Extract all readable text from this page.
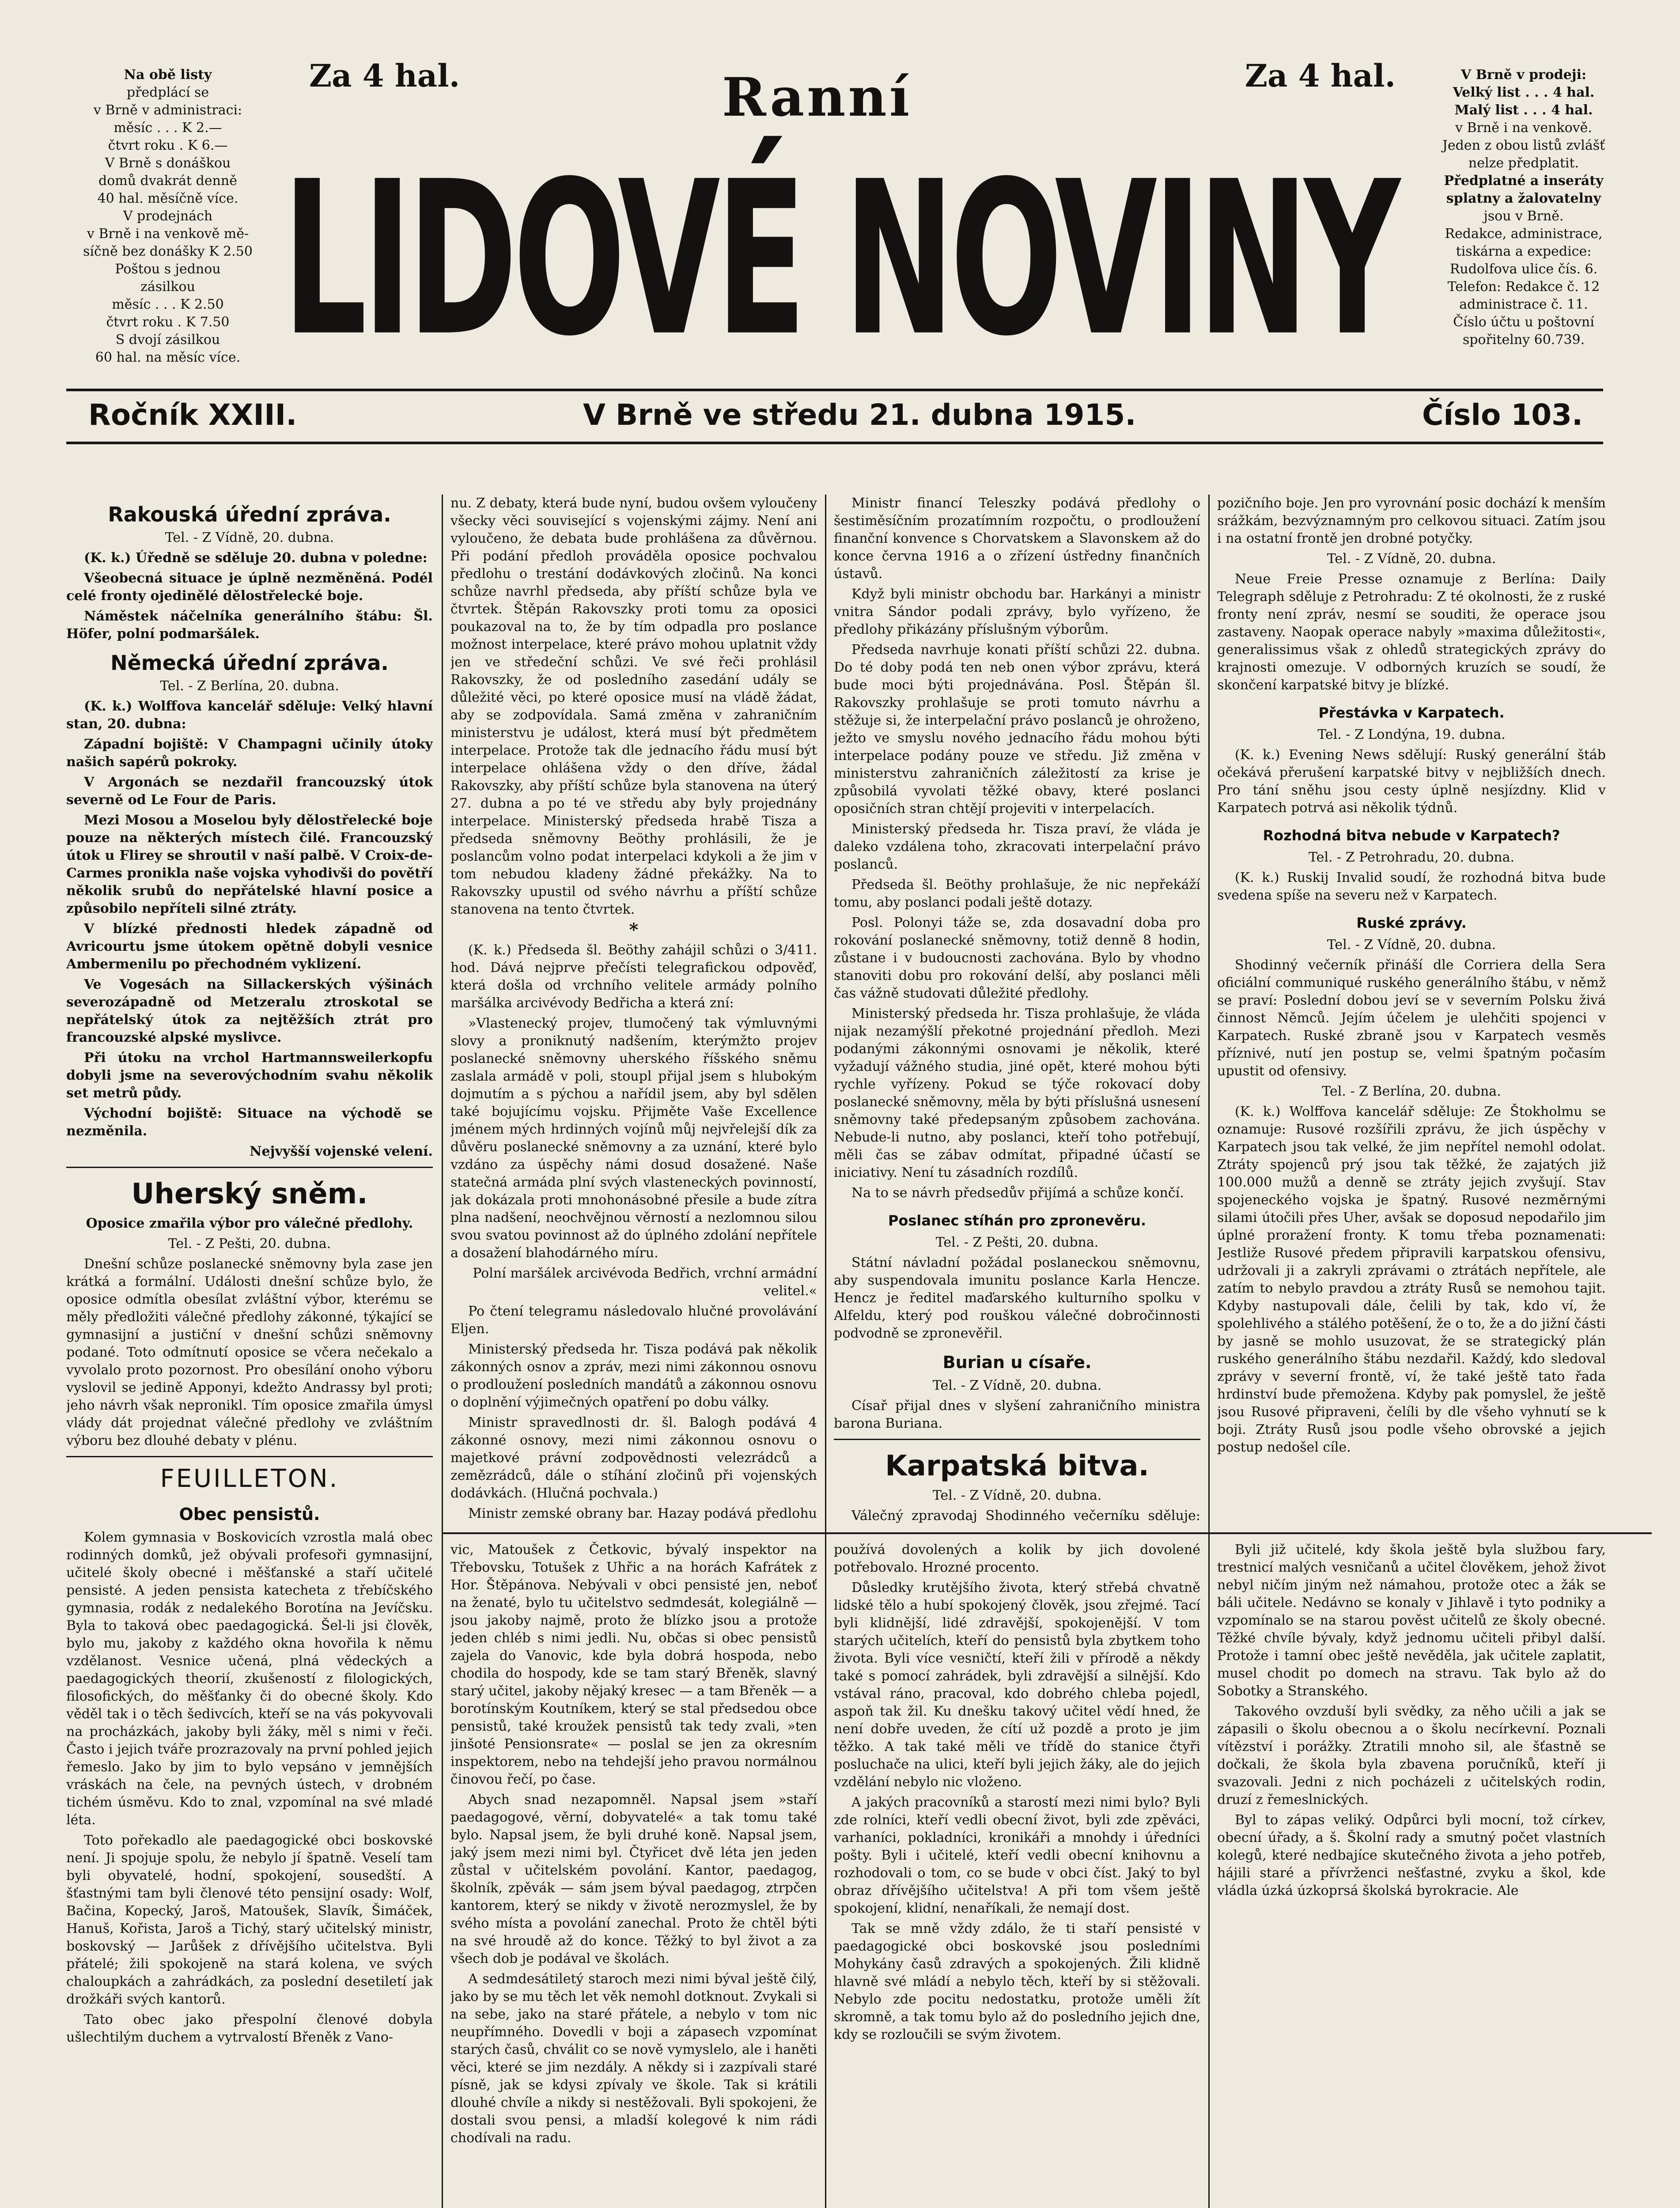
Na obě listy

předplácí se

v Brně v administraci:

měsíc . . . K 2.—

čtvrt roku . K 6.—

V Brně s donáškou

domů dvakrát denně

40 hal. měsíčně více.

V prodejnách

v Brně i na venkově mě-

síčně bez donášky K 2.50

Poštou s jednou

zásilkou

měsíc . . . K 2.50

čtvrt roku . K 7.50

S dvojí zásilkou

60 hal. na měsíc více.

Za 4 hal.	Ranní	Za 4 hal.
LIDOVÉ NOVINY

V Brně v prodeji:

Velký list . . . 4 hal.

Malý list . . . 4 hal.

v Brně i na venkově.

Jeden z obou listů zvlášť

nelze předplatit.

Předplatné a inseráty

splatny a žalovatelny

jsou v Brně.

Redakce, administrace,

tiskárna a expedice:

Rudolfova ulice čís. 6.

Telefon: Redakce č. 12

administrace č. 11.

Číslo účtu u poštovní

spořitelny 60.739.

Ročník XXIII.	V Brně ve středu 21. dubna 1915.	Číslo 103.
Rakouská úřední zpráva.

Tel. - Z Vídně, 20. dubna.

(K. k.) Úředně se sděluje 20. dubna v poledne:

Všeobecná situace je úplně nezměněná. Podél celé fronty ojedinělé dělostřelecké boje.

Náměstek náčelníka generálního štábu: Šl. Höfer, polní podmaršálek.

Německá úřední zpráva.

Tel. - Z Berlína, 20. dubna.

(K. k.) Wolffova kancelář sděluje: Velký hlavní stan, 20. dubna:

Západní bojiště: V Champagni učinily útoky našich sapérů pokroky.

V Argonách se nezdařil francouzský útok severně od Le Four de Paris.

Mezi Mosou a Moselou byly dělostřelecké boje pouze na některých místech čilé. Francouzský útok u Flirey se shroutil v naší palbě. V Croix-de-Carmes pronikla naše vojska vyhodivši do povětří několik srubů do nepřátelské hlavní posice a způsobilo nepříteli silné ztráty.

V blízké přednosti hledek západně od Avricourtu jsme útokem opětně dobyli vesnice Ambermenilu po přechodném vyklizení.

Ve Vogesách na Sillackerských výšinách severozápadně od Metzeralu ztroskotal se nepřátelský útok za nejtěžších ztrát pro francouzské alpské myslivce.

Při útoku na vrchol Hartmannsweilerkopfu dobyli jsme na severovýchodním svahu několik set metrů půdy.

Východní bojiště: Situace na východě se nezměnila.

Nejvyšší vojenské velení.

Uherský sněm.

Oposice zmařila výbor pro válečné předlohy.

Tel. - Z Pešti, 20. dubna.

Dnešní schůze poslanecké sněmovny byla zase jen krátká a formální. Události dnešní schůze bylo, že oposice odmítla obesílat zvláštní výbor, kterému se měly předložiti válečné předlohy zákonné, týkající se gymnasijní a justiční v dnešní schůzi sněmovny podané. Toto odmítnutí oposice se včera nečekalo a vyvolalo proto pozornost. Pro obesílání onoho výboru vyslovil se jedině Apponyi, kdežto Andrassy byl proti; jeho návrh však nepronikl. Tím oposice zmařila úmysl vlády dát projednat válečné předlohy ve zvláštním výboru bez dlouhé debaty v plénu.

FEUILLETON.
Obec pensistů.

Kolem gymnasia v Boskovicích vzrostla malá obec rodinných domků, jež obývali profesoři gymnasijní, učitelé školy obecné i měšťanské a staří učitelé pensisté. A jeden pensista katecheta z třebíčského gymnasia, rodák z nedalekého Borotína na Jevíčsku. Byla to taková obec paedagogická. Šel-li jsi člověk, bylo mu, jakoby z každého okna hovořila k němu vzdělanost. Vesnice učená, plná vědeckých a paedagogických theorií, zkušeností z filologických, filosofických, do měšťanky či do obecné školy. Kdo věděl tak i o těch šedivcích, kteří se na vás pokyvovali na procházkách, jakoby byli žáky, měl s nimi v řeči. Často i jejich tváře prozrazovaly na první pohled jejich řemeslo. Jako by jim to bylo vepsáno v jemnějších vráskách na čele, na pevných ústech, v drobném tichém úsměvu. Kdo to znal, vzpomínal na své mladé léta.

Toto pořekadlo ale paedagogické obci boskovské není. Ji spojuje spolu, že nebylo jí špatně. Veselí tam byli obyvatelé, hodní, spokojení, sousedští. A šťastnými tam byli členové této pensijní osady: Wolf, Bačina, Kopecký, Jaroš, Matoušek, Slavík, Šimáček, Hanuš, Kořista, Jaroš a Tichý, starý učitelský ministr, boskovský — Jarůšek z dřívějšího učitelstva. Byli přátelé; žili spokojeně na stará kolena, ve svých chaloupkách a zahrádkách, za poslední desetiletí jak drožkáři svých kantorů.

Tato obec jako přespolní členové dobyla ušlechtilým duchem a vytrvalostí Břeněk z Vano-

nu. Z debaty, která bude nyní, budou ovšem vyloučeny všecky věci související s vojenskými zájmy. Není ani vyloučeno, že debata bude prohlášena za důvěrnou. Při podání předloh prováděla oposice pochvalou předlohu o trestání dodávkových zločinů. Na konci schůze navrhl předseda, aby příští schůze byla ve čtvrtek. Štěpán Rakovszky proti tomu za oposici poukazoval na to, že by tím odpadla pro poslance možnost interpelace, které právo mohou uplatnit vždy jen ve středeční schůzi. Ve své řeči prohlásil Rakovszky, že od posledního zasedání udály se důležité věci, po které oposice musí na vládě žádat, aby se zodpovídala. Samá změna v zahraničním ministerstvu je událost, která musí být předmětem interpelace. Protože tak dle jednacího řádu musí být interpelace ohlášena vždy o den dříve, žádal Rakovszky, aby příští schůze byla stanovena na úterý 27. dubna a po té ve středu aby byly projednány interpelace. Ministerský předseda hrabě Tisza a předseda sněmovny Beöthy prohlásili, že je poslancům volno podat interpelaci kdykoli a že jim v tom nebudou kladeny žádné překážky. Na to Rakovszky upustil od svého návrhu a příští schůze stanovena na tento čtvrtek.

*

(K. k.) Předseda šl. Beöthy zahájil schůzi o 3/411. hod. Dává nejprve přečísti telegrafickou odpověď, která došla od vrchního velitele armády polního maršálka arcivévody Bedřicha a která zní:

»Vlastenecký projev, tlumočený tak výmluvnými slovy a proniknutý nadšením, kterýmžto projev poslanecké sněmovny uherského říšského sněmu zaslala armádě v poli, stoupl přijal jsem s hlubokým dojmutím a s pýchou a nařídil jsem, aby byl sdělen také bojujícímu vojsku. Přijměte Vaše Excellence jménem mých hrdinných vojínů můj nejvřelejší dík za důvěru poslanecké sněmovny a za uznání, které bylo vzdáno za úspěchy námi dosud dosažené. Naše statečná armáda plní svých vlasteneckých povinností, jak dokázala proti mnohonásobné přesile a bude zítra plna nadšení, neochvějnou věrností a nezlomnou silou svou svatou povinnost až do úplného zdolání nepřítele a dosažení blahodárného míru.

Polní maršálek arcivévoda Bedřich, vrchní armádní velitel.«

Po čtení telegramu následovalo hlučné provolávání Eljen.

Ministerský předseda hr. Tisza podává pak několik zákonných osnov a zpráv, mezi nimi zákonnou osnovu o prodloužení posledních mandátů a zákonnou osnovu o doplnění výjimečných opatření po dobu války.

Ministr spravedlnosti dr. šl. Balogh podává 4 zákonné osnovy, mezi nimi zákonnou osnovu o majetkové právní zodpovědnosti velezrádců a zemězrádců, dále o stíhání zločinů při vojenských dodávkách. (Hlučná pochvala.)

Ministr zemské obrany bar. Hazay podává předlohu

Ministr financí Teleszky podává předlohy o šestiměsíčním prozatímním rozpočtu, o prodloužení finanční konvence s Chorvatskem a Slavonskem až do konce června 1916 a o zřízení ústředny finančních ústavů.

Když byli ministr obchodu bar. Harkányi a ministr vnitra Sándor podali zprávy, bylo vyřízeno, že předlohy přikázány příslušným výborům.

Předseda navrhuje konati příští schůzi 22. dubna. Do té doby podá ten neb onen výbor zprávu, která bude moci býti projednávána. Posl. Štěpán šl. Rakovszky prohlašuje se proti tomuto návrhu a stěžuje si, že interpelační právo poslanců je ohroženo, ježto ve smyslu nového jednacího řádu mohou býti interpelace podány pouze ve středu. Již změna v ministerstvu zahraničních záležitostí za krise je způsobilá vyvolati těžké obavy, které poslanci oposičních stran chtějí projeviti v interpelacích.

Ministerský předseda hr. Tisza praví, že vláda je daleko vzdálena toho, zkracovati interpelační právo poslanců.

Předseda šl. Beöthy prohlašuje, že nic nepřekáží tomu, aby poslanci podali ještě dotazy.

Posl. Polonyi táže se, zda dosavadní doba pro rokování poslanecké sněmovny, totiž denně 8 hodin, zůstane i v budoucnosti zachována. Bylo by vhodno stanoviti dobu pro rokování delší, aby poslanci měli čas vážně studovati důležité předlohy.

Ministerský předseda hr. Tisza prohlašuje, že vláda nijak nezamýšlí překotné projednání předloh. Mezi podanými zákonnými osnovami je několik, které vyžadují vážného studia, jiné opět, které mohou býti rychle vyřízeny. Pokud se týče rokovací doby poslanecké sněmovny, měla by býti příslušná usnesení sněmovny také předepsaným způsobem zachována. Nebude-li nutno, aby poslanci, kteří toho potřebují, měli čas se zábav odmítat, připadné účastí se iniciativy. Není tu zásadních rozdílů.

Na to se návrh předsedův přijímá a schůze končí.

Poslanec stíhán pro zpronevěru.

Tel. - Z Pešti, 20. dubna.

Státní návladní požádal poslaneckou sněmovnu, aby suspendovala imunitu poslance Karla Hencze. Hencz je ředitel maďarského kulturního spolku v Alfeldu, který pod rouškou válečné dobročinnosti podvodně se zpronevěřil.

Burian u císaře.

Tel. - Z Vídně, 20. dubna.

Císař přijal dnes v slyšení zahraničního ministra barona Buriana.

Karpatská bitva.

Tel. - Z Vídně, 20. dubna.

Válečný zpravodaj Shodinného večerníku sděluje:

pozičního boje. Jen pro vyrovnání posic dochází k menším srážkám, bezvýznamným pro celkovou situaci. Zatím jsou i na ostatní frontě jen drobné potyčky.

Tel. - Z Vídně, 20. dubna.

Neue Freie Presse oznamuje z Berlína: Daily Telegraph sděluje z Petrohradu: Z té okolnosti, že z ruské fronty není zpráv, nesmí se souditi, že operace jsou zastaveny. Naopak operace nabyly »maxima důležitosti«, generalissimus však z ohledů strategických zprávy do krajnosti omezuje. V odborných kruzích se soudí, že skončení karpatské bitvy je blízké.

Přestávka v Karpatech.

Tel. - Z Londýna, 19. dubna.

(K. k.) Evening News sdělují: Ruský generální štáb očekává přerušení karpatské bitvy v nejbližších dnech. Pro tání sněhu jsou cesty úplně nesjízdny. Klid v Karpatech potrvá asi několik týdnů.

Rozhodná bitva nebude v Karpatech?

Tel. - Z Petrohradu, 20. dubna.

(K. k.) Ruskij Invalid soudí, že rozhodná bitva bude svedena spíše na severu než v Karpatech.

Ruské zprávy.

Tel. - Z Vídně, 20. dubna.

Shodinný večerník přináší dle Corriera della Sera oficiální communiqué ruského generálního štábu, v němž se praví: Poslední dobou jeví se v severním Polsku živá činnost Němců. Jejím účelem je ulehčiti spojenci v Karpatech. Ruské zbraně jsou v Karpatech vesměs příznivé, nutí jen postup se, velmi špatným počasím upustit od ofensivy.

Tel. - Z Berlína, 20. dubna.

(K. k.) Wolffova kancelář sděluje: Ze Štokholmu se oznamuje: Rusové rozšířili zprávu, že jich úspěchy v Karpatech jsou tak velké, že jim nepřítel nemohl odolat. Ztráty spojenců prý jsou tak těžké, že zajatých již 100.000 mužů a denně se ztráty jejich zvyšují. Stav spojeneckého vojska je špatný. Rusové nezměrnými silami útočili přes Uher, avšak se doposud nepodařilo jim úplné proražení fronty. K tomu třeba poznamenati: Jestliže Rusové předem připravili karpatskou ofensivu, udržovali ji a zakryli zprávami o ztrátách nepřítele, ale zatím to nebylo pravdou a ztráty Rusů se nemohou tajit. Kdyby nastupovali dále, čelili by tak, kdo ví, že spolehlivého a stálého potěšení, že o to, že a do jižní části by jasně se mohlo usuzovat, že se strategický plán ruského generálního štábu nezdařil. Každý, kdo sledoval zprávy v severní frontě, ví, že také ještě tato řada hrdinství bude přemožena. Kdyby pak pomyslel, že ještě jsou Rusové připraveni, čelíli by dle všeho vyhnutí se k boji. Ztráty Rusů jsou podle všeho obrovské a jejich postup nedošel cíle.

vic, Matoušek z Četkovic, bývalý inspektor na Třebovsku, Totušek z Uhřic a na horách Kafrátek z Hor. Štěpánova. Nebývali v obci pensisté jen, neboť na ženaté, bylo tu učitelstvo sedmdesát, kolegiálně — jsou jakoby najmě, proto že blízko jsou a protože jeden chléb s nimi jedli. Nu, občas si obec pensistů zajela do Vanovic, kde byla dobrá hospoda, nebo chodila do hospody, kde se tam starý Břeněk, slavný starý učitel, jakoby nějaký kresec — a tam Břeněk — a borotínským Koutníkem, který se stal předsedou obce pensistů, také kroužek pensistů tak tedy zvali, »ten jinšoté Pensionsrate« — poslal se jen za okresním inspektorem, nebo na tehdejší jeho pravou normálnou činovou řečí, po čase.

Abych snad nezapomněl. Napsal jsem »staří paedagogové, věrní, dobyvatelé« a tak tomu také bylo. Napsal jsem, že byli druhé koně. Napsal jsem, jaký jsem mezi nimi byl. Čtyřicet dvě léta jen jeden zůstal v učitelském povolání. Kantor, paedagog, školník, zpěvák — sám jsem býval paedagog, ztrpčen kantorem, který se nikdy v životě nerozmyslel, že by svého místa a povolání zanechal. Proto že chtěl býti na své hroudě až do konce. Těžký to byl život a za všech dob je podával ve školách.

A sedmdesátiletý staroch mezi nimi býval ještě čilý, jako by se mu těch let věk nemohl dotknout. Zvykali si na sebe, jako na staré přátele, a nebylo v tom nic neupřímného. Dovedli v boji a zápasech vzpomínat starých časů, chválit co se nově vymyslelo, ale i haněti věci, které se jim nezdály. A někdy si i zazpívali staré písně, jak se kdysi zpívaly ve škole. Tak si krátili dlouhé chvíle a nikdy si nestěžovali. Byli spokojeni, že dostali svou pensi, a mladší kolegové k nim rádi chodívali na radu.

používá dovolených a kolik by jich dovolené potřebovalo. Hrozné procento.

Důsledky krutějšího života, který střebá chvatně lidské tělo a hubí spokojený člověk, jsou zřejmé. Tací byli klidnější, lidé zdravější, spokojenější. V tom starých učitelích, kteří do pensistů byla zbytkem toho života. Byli více vesničtí, kteří žili v přírodě a někdy také s pomocí zahrádek, byli zdravější a silnější. Kdo vstával ráno, pracoval, kdo dobrého chleba pojedl, aspoň tak žil. Ku dnešku takový učitel vědí hned, že není dobře uveden, že cítí už pozdě a proto je jim těžko. A tak také měli ve třídě do stanice čtyři posluchače na ulici, kteří byli jejich žáky, ale do jejich vzdělání nebylo nic vloženo.

A jakých pracovníků a starostí mezi nimi bylo? Byli zde rolníci, kteří vedli obecní život, byli zde zpěváci, varhaníci, pokladníci, kronikáři a mnohdy i úředníci pošty. Byli i učitelé, kteří vedli obecní knihovnu a rozhodovali o tom, co se bude v obci číst. Jaký to byl obraz dřívějšího učitelstva! A při tom všem ještě spokojení, klidní, nenaříkali, že nemají dost.

Tak se mně vždy zdálo, že ti staří pensisté v paedagogické obci boskovské jsou posledními Mohykány časů zdravých a spokojených. Žili klidně hlavně své mládí a nebylo těch, kteří by si stěžovali. Nebylo zde pocitu nedostatku, protože uměli žít skromně, a tak tomu bylo až do posledního jejich dne, kdy se rozloučili se svým životem.

Byli již učitelé, kdy škola ještě byla službou fary, trestnicí malých vesničanů a učitel člověkem, jehož život nebyl ničím jiným než námahou, protože otec a žák se báli učitele. Nedávno se konaly v Jihlavě i tyto podniky a vzpomínalo se na starou pověst učitelů ze školy obecné. Těžké chvíle bývaly, když jednomu učiteli přibyl další. Protože i tamní obec ještě nevěděla, jak učitele zaplatit, musel chodit po domech na stravu. Tak bylo až do Sobotky a Stranského.

Takového ovzduší byli svědky, za něho učili a jak se zápasili o školu obecnou a o školu necírkevní. Poznali vítězství i porážky. Ztratili mnoho sil, ale šťastně se dočkali, že škola byla zbavena poručníků, kteří ji svazovali. Jedni z nich pocházeli z učitelských rodin, druzí z řemeslnických.

Byl to zápas veliký. Odpůrci byli mocní, tož církev, obecní úřady, a š. Školní rady a smutný počet vlastních kolegů, které nedbajíce skutečného života a jeho potřeb, hájili staré a přívrženci nešťastné, zvyku a škol, kde vládla úzká úzkoprsá školská byrokracie. Ale
